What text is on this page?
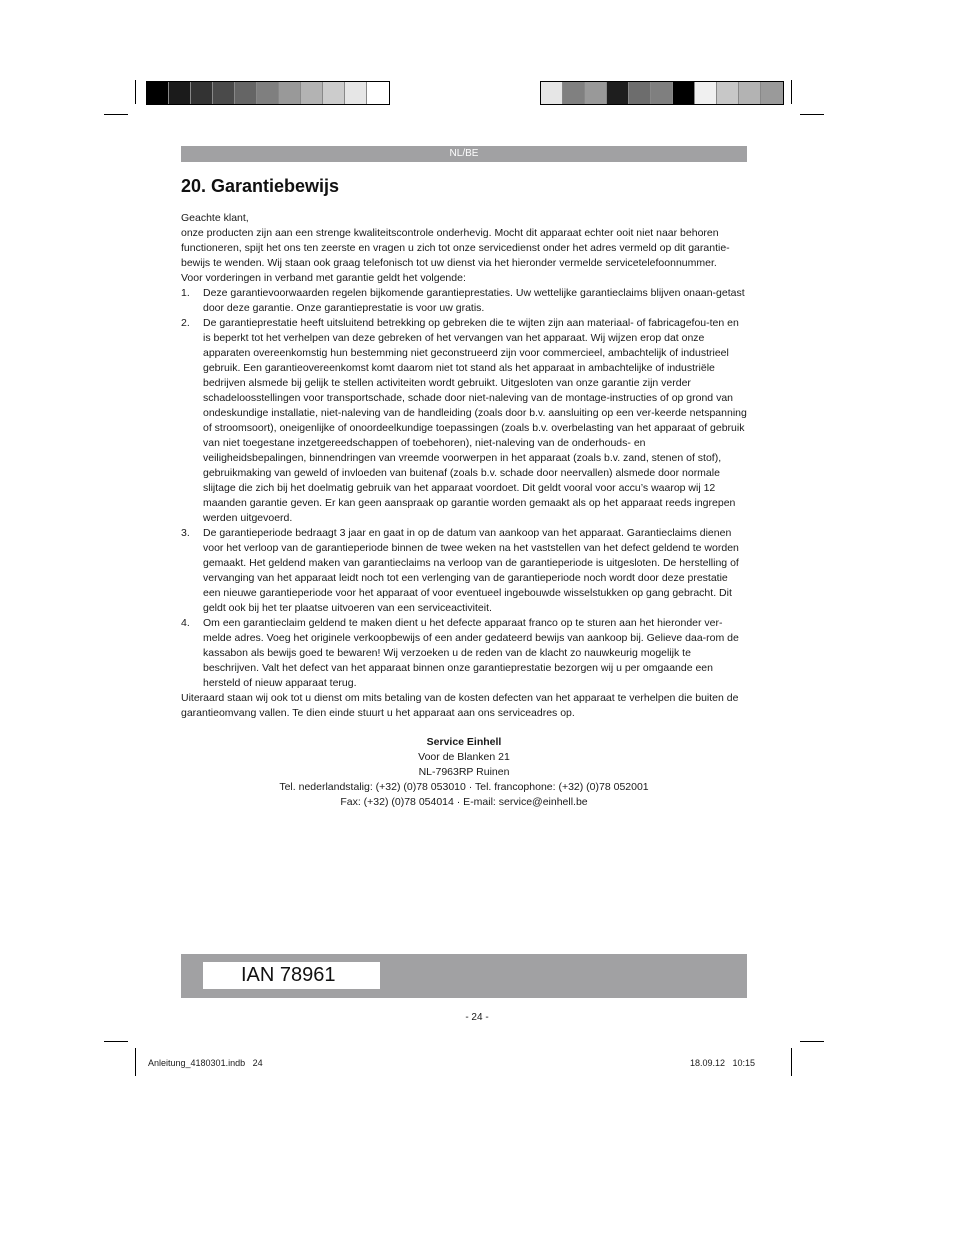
NL/BE
20. Garantiebewijs

Geachte klant,

onze producten zijn aan een strenge kwaliteitscontrole onderhevig. Mocht dit apparaat echter ooit niet naar behoren functioneren, spijt het ons ten zeerste en vragen u zich tot onze servicedienst onder het adres vermeld op dit garantie-bewijs te wenden. Wij staan ook graag telefonisch tot uw dienst via het hieronder vermelde servicetelefoonnummer.

Voor vorderingen in verband met garantie geldt het volgende:

1.	Deze garantievoorwaarden regelen bijkomende garantieprestaties. Uw wettelijke garantieclaims blijven onaan-getast door deze garantie. Onze garantieprestatie is voor uw gratis.
2.	De garantieprestatie heeft uitsluitend betrekking op gebreken die te wijten zijn aan materiaal- of fabricagefou-ten en is beperkt tot het verhelpen van deze gebreken of het vervangen van het apparaat. Wij wijzen erop dat onze apparaten overeenkomstig hun bestemming niet geconstrueerd zijn voor commercieel, ambachtelijk of industrieel gebruik. Een garantieovereenkomst komt daarom niet tot stand als het apparaat in ambachtelijke of industriële bedrijven alsmede bij gelijk te stellen activiteiten wordt gebruikt. Uitgesloten van onze garantie zijn verder schadeloosstellingen voor transportschade, schade door niet-naleving van de montage-instructies of op grond van ondeskundige installatie, niet-naleving van de handleiding (zoals door b.v. aansluiting op een ver-keerde netspanning of stroomsoort), oneigenlijke of onoordeelkundige toepassingen (zoals b.v. overbelasting van het apparaat of gebruik van niet toegestane inzetgereedschappen of toebehoren), niet-naleving van de onderhouds- en veiligheidsbepalingen, binnendringen van vreemde voorwerpen in het apparaat (zoals b.v. zand, stenen of stof), gebruikmaking van geweld of invloeden van buitenaf (zoals b.v. schade door neervallen) alsmede door normale slijtage die zich bij het doelmatig gebruik van het apparaat voordoet. Dit geldt vooral voor accu’s waarop wij 12 maanden garantie geven. Er kan geen aanspraak op garantie worden gemaakt als op het apparaat reeds ingrepen werden uitgevoerd.
3.	De garantieperiode bedraagt 3 jaar en gaat in op de datum van aankoop van het apparaat. Garantieclaims dienen voor het verloop van de garantieperiode binnen de twee weken na het vaststellen van het defect geldend te worden gemaakt. Het geldend maken van garantieclaims na verloop van de garantieperiode is uitgesloten. De herstelling of vervanging van het apparaat leidt noch tot een verlenging van de garantieperiode noch wordt door deze prestatie een nieuwe garantieperiode voor het apparaat of voor eventueel ingebouwde wisselstukken op gang gebracht. Dit geldt ook bij het ter plaatse uitvoeren van een serviceactiviteit.
4.	Om een garantieclaim geldend te maken dient u het defecte apparaat franco op te sturen aan het hieronder ver-melde adres. Voeg het originele verkoopbewijs of een ander gedateerd bewijs van aankoop bij. Gelieve daa-rom de kassabon als bewijs goed te bewaren! Wij verzoeken u de reden van de klacht zo nauwkeurig mogelijk te beschrijven. Valt het defect van het apparaat binnen onze garantieprestatie bezorgen wij u per omgaande een hersteld of nieuw apparaat terug.

Uiteraard staan wij ook tot u dienst om mits betaling van de kosten defecten van het apparaat te verhelpen die buiten de garantieomvang vallen. Te dien einde stuurt u het apparaat aan ons serviceadres op.

Service Einhell
Voor de Blanken 21
NL-7963RP Ruinen
Tel. nederlandstalig: (+32) (0)78 053010 · Tel. francophone: (+32) (0)78 052001
Fax: (+32) (0)78 054014 · E-mail: service@einhell.be
IAN 78961
- 24 -
Anleitung_4180301.indb   24	18.09.12   10:15
